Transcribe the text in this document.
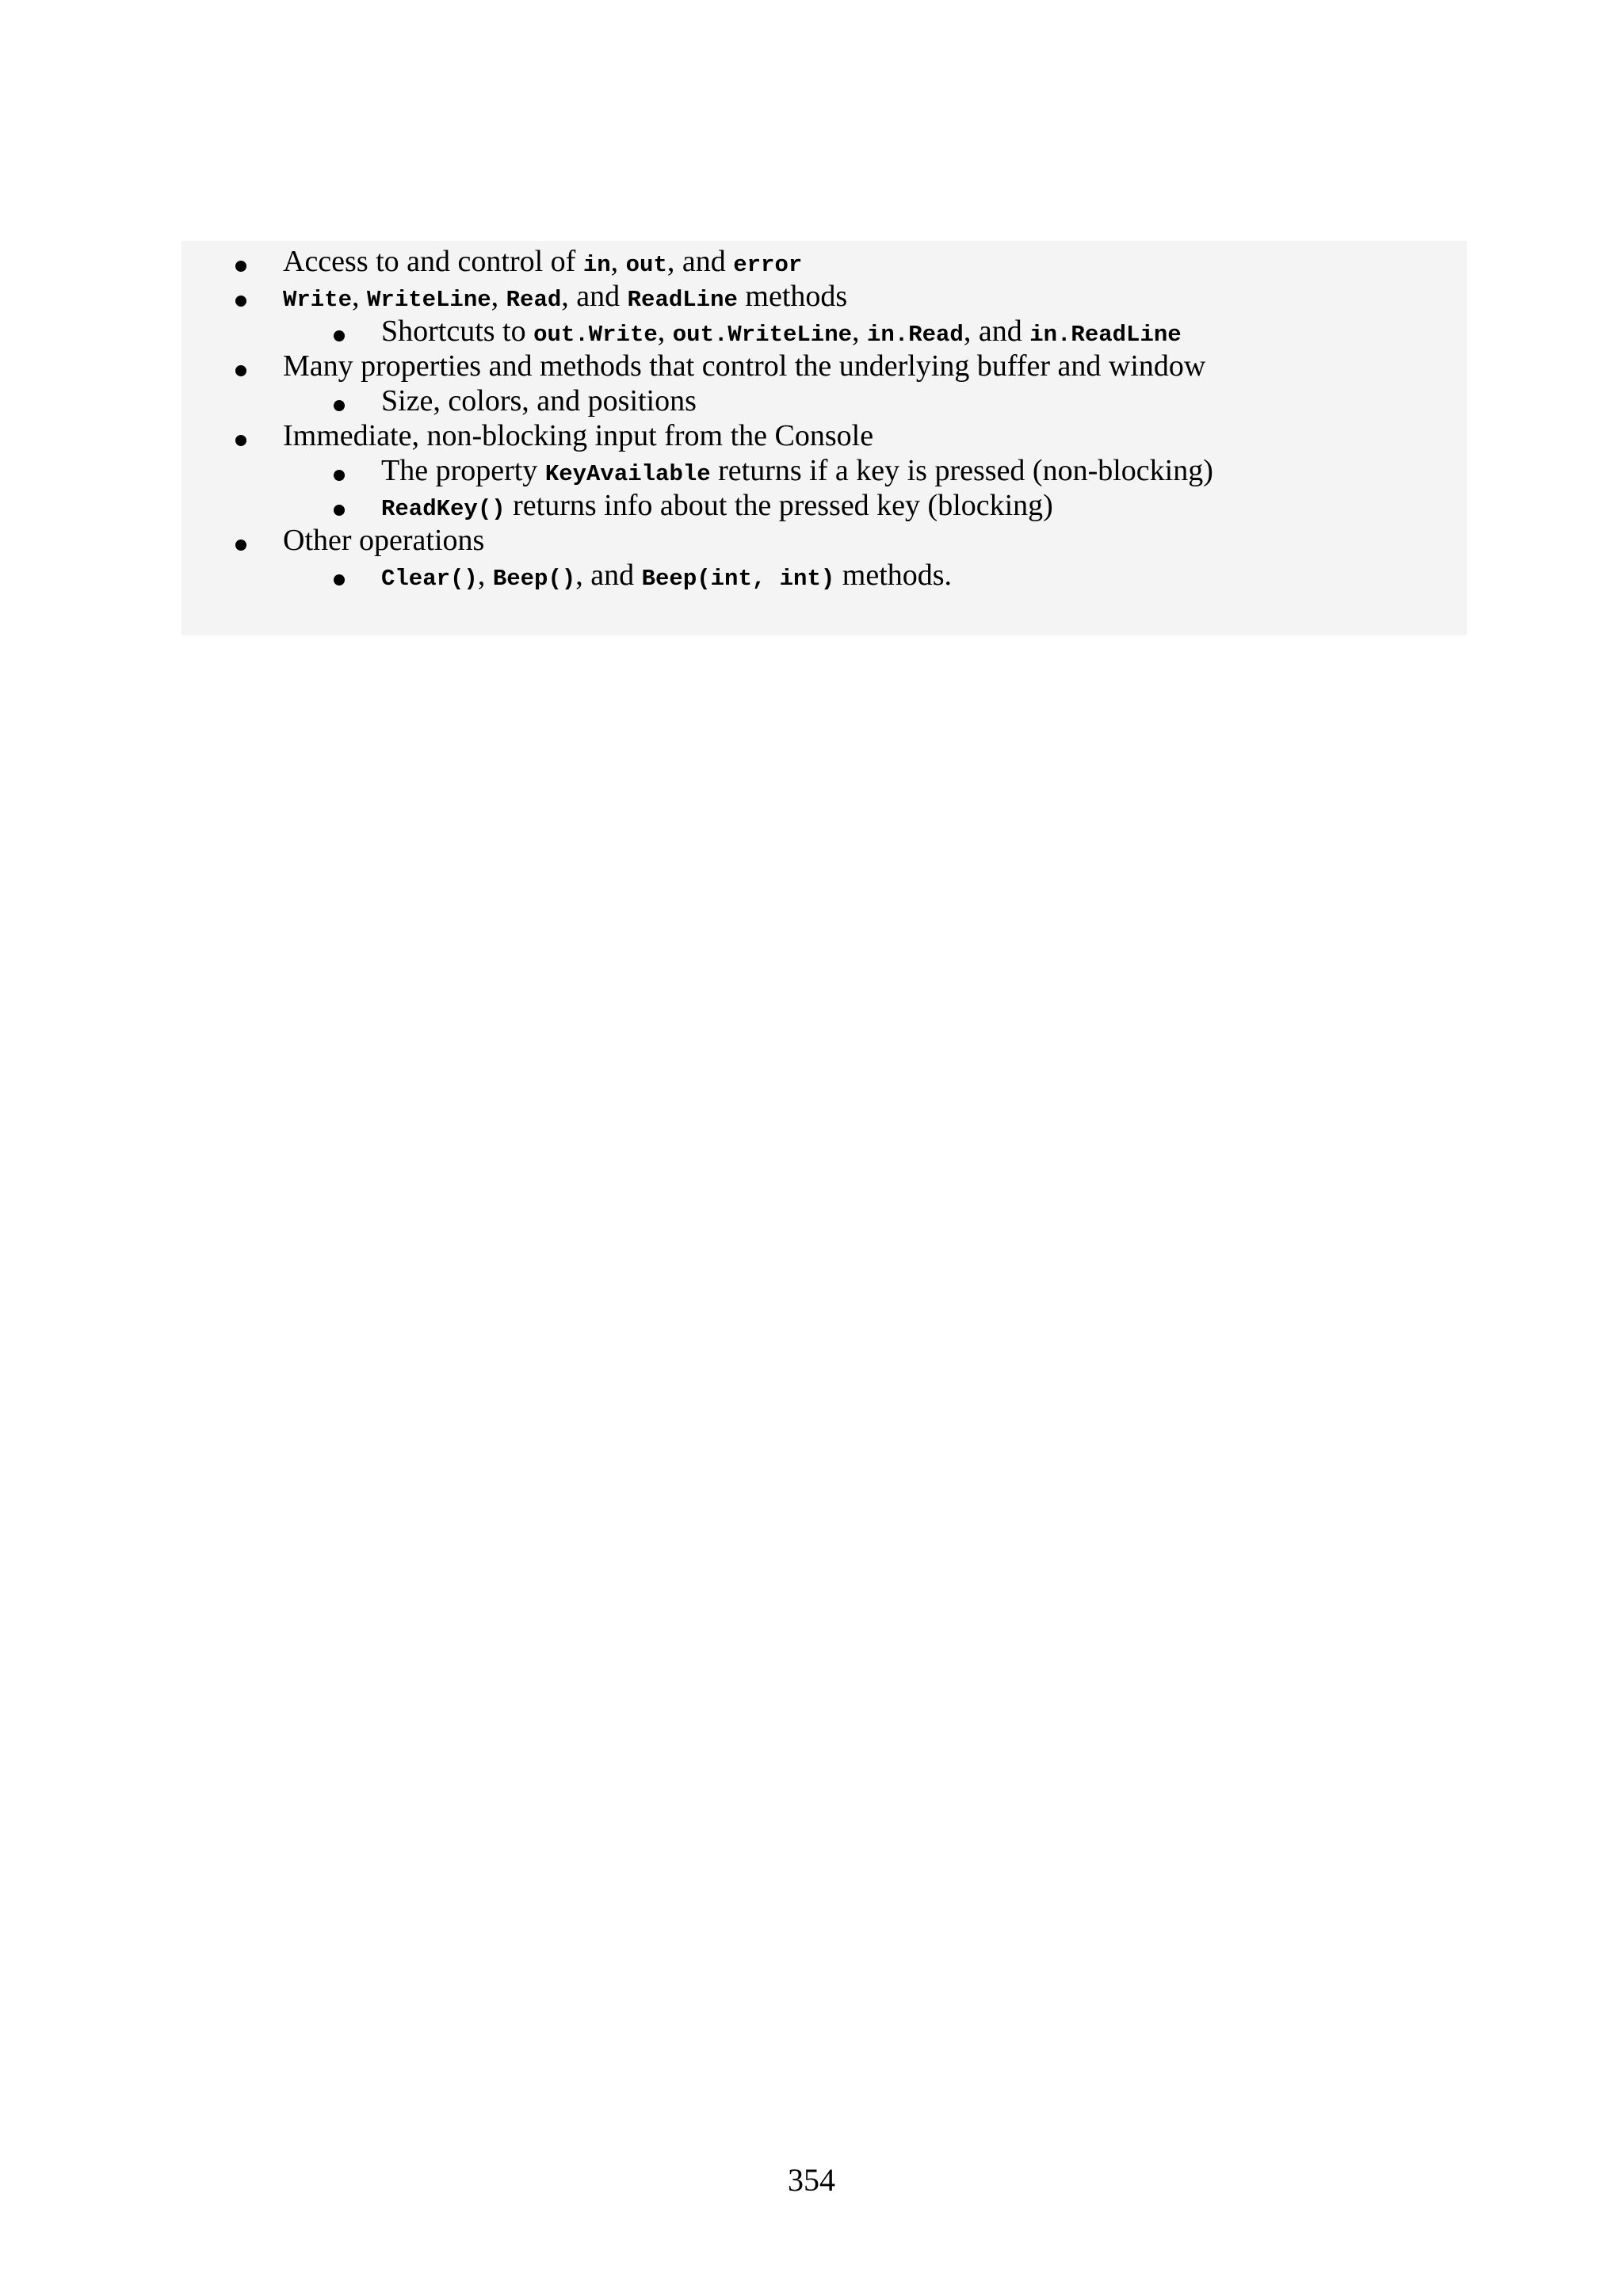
Access to and control of in, out, and error
Write, WriteLine, Read, and ReadLine methods
Shortcuts to out.Write, out.WriteLine, in.Read, and in.ReadLine
Many properties and methods that control the underlying buffer and window
Size, colors, and positions
Immediate, non-blocking input from the Console
The property KeyAvailable returns if a key is pressed (non-blocking)
ReadKey() returns info about the pressed key (blocking)
Other operations
Clear(), Beep(), and Beep(int, int) methods.
354
